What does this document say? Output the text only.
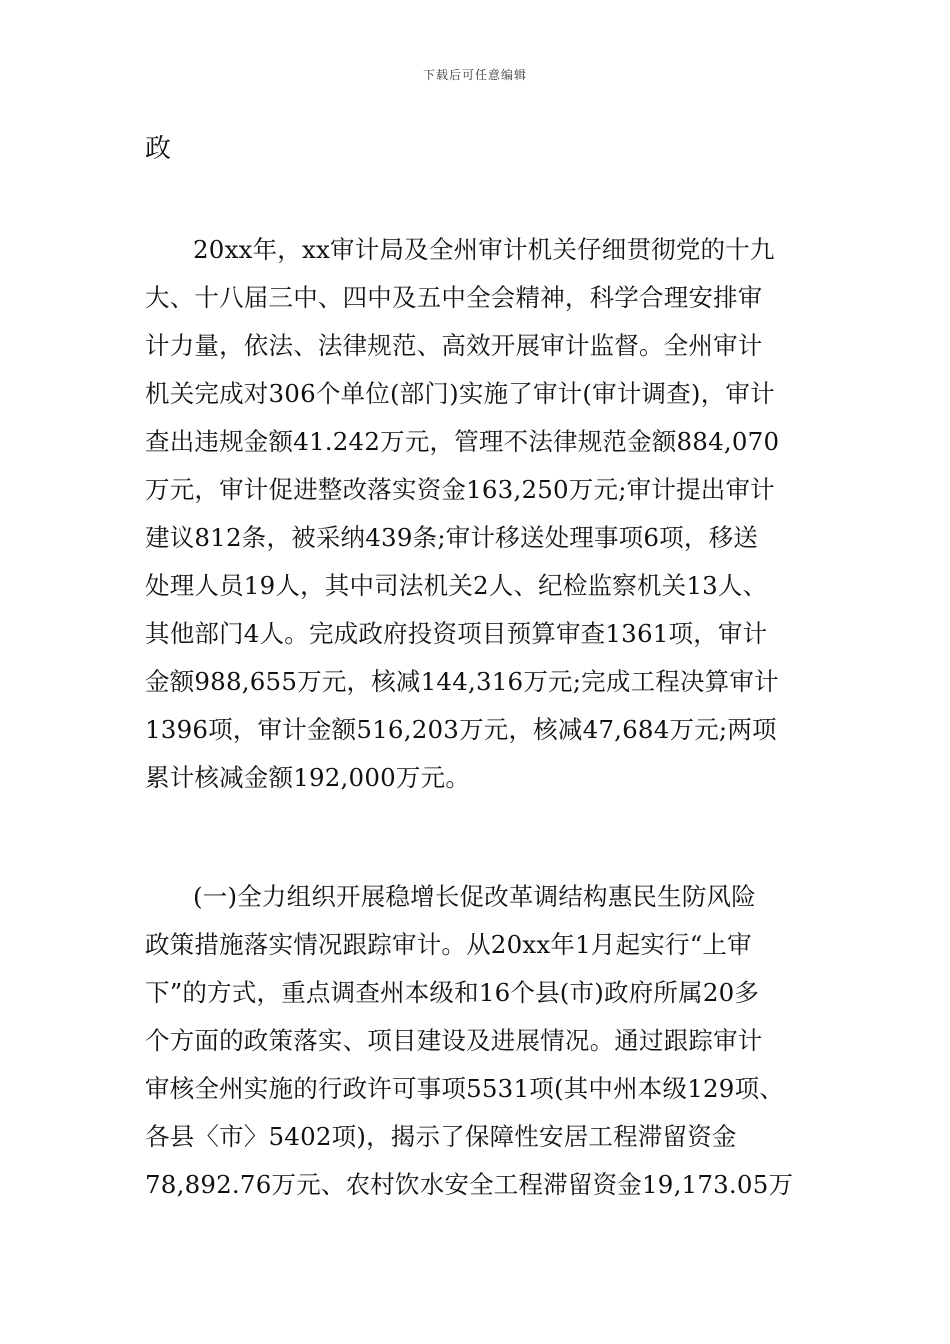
下载后可任意编辑
政
20xx年，xx审计局及全州审计机关仔细贯彻党的十九
大、十八届三中、四中及五中全会精神，科学合理安排审
计力量，依法、法律规范、高效开展审计监督。全州审计
机关完成对306个单位(部门)实施了审计(审计调查)，审计
查出违规金额41.242万元，管理不法律规范金额884,070
万元，审计促进整改落实资金163,250万元;审计提出审计
建议812条，被采纳439条;审计移送处理事项6项，移送
处理人员19人，其中司法机关2人、纪检监察机关13人、
其他部门4人。完成政府投资项目预算审查1361项，审计
金额988,655万元，核减144,316万元;完成工程决算审计
1396项，审计金额516,203万元，核减47,684万元;两项
累计核减金额192,000万元。
(一)全力组织开展稳增长促改革调结构惠民生防风险
政策措施落实情况跟踪审计。从20xx年1月起实行“上审
下”的方式，重点调查州本级和16个县(市)政府所属20多
个方面的政策落实、项目建设及进展情况。通过跟踪审计
审核全州实施的行政许可事项5531项(其中州本级129项、
各县〈市〉5402项)，揭示了保障性安居工程滞留资金
78,892.76万元、农村饮水安全工程滞留资金19,173.05万
